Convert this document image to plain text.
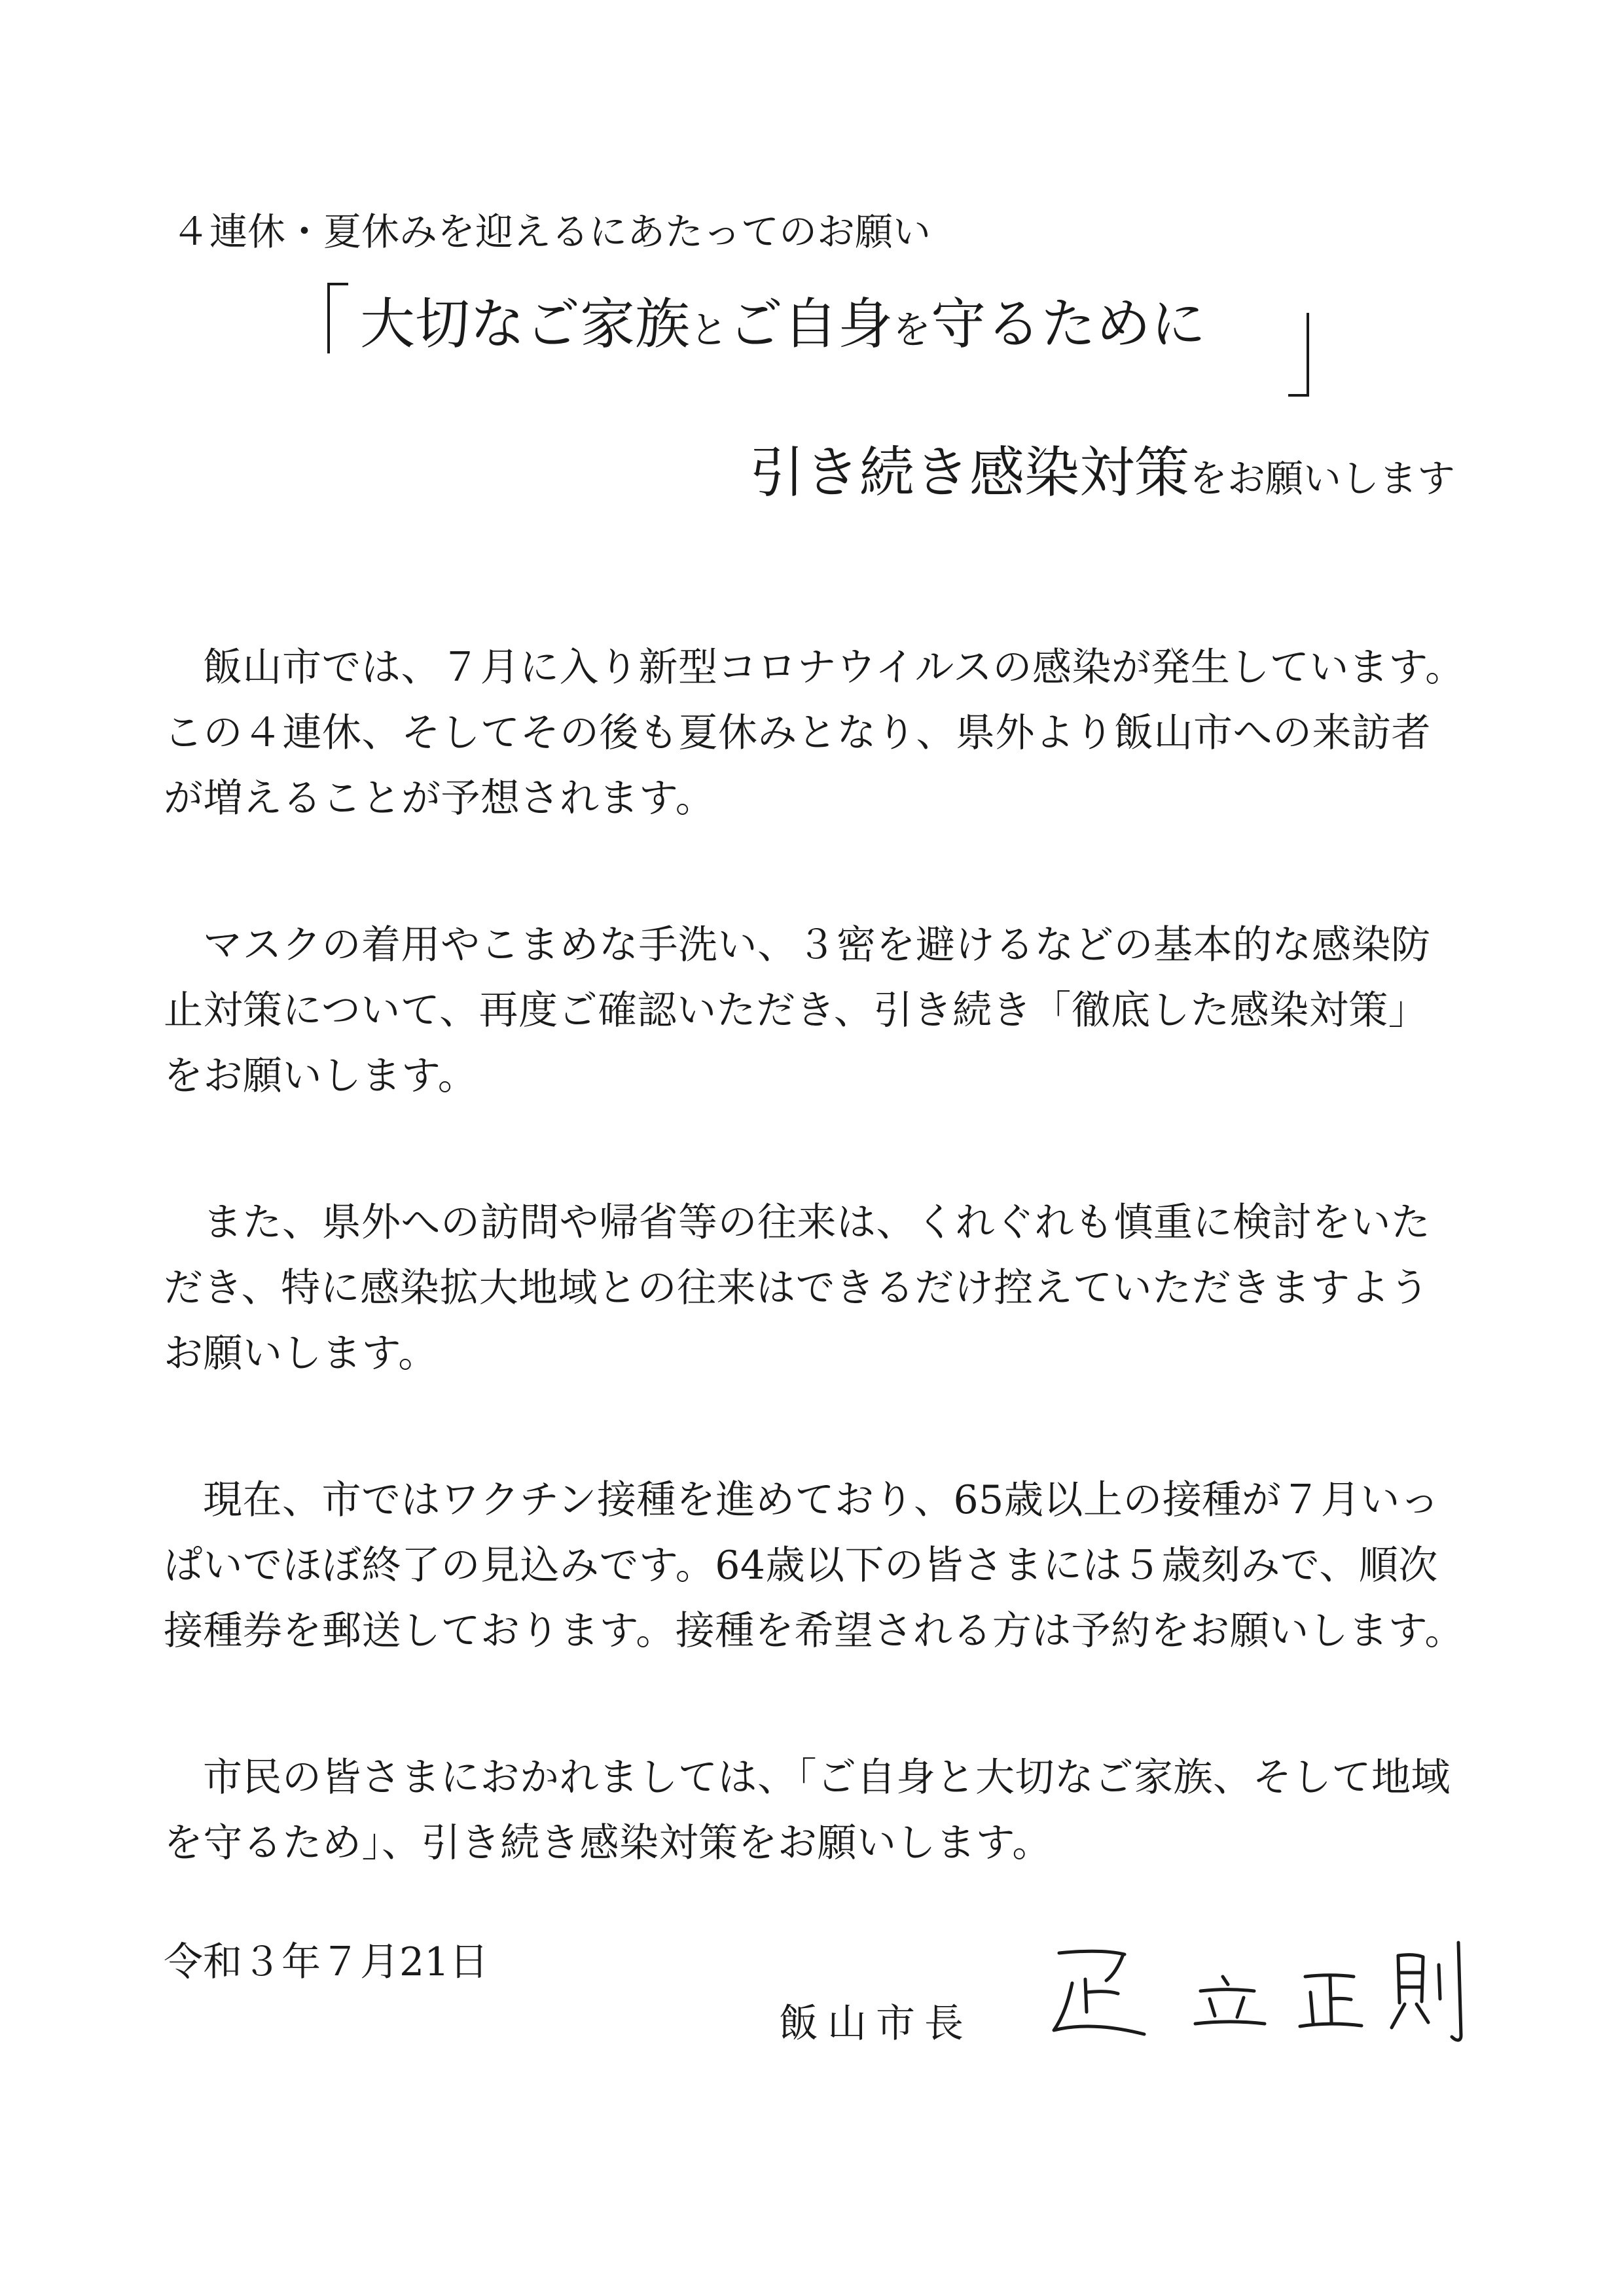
４連休・夏休みを迎えるにあたってのお願い
大切なご家族とご自身を守るために
引き続き感染対策をお願いします

飯山市では、７月に入り新型コロナウイルスの感染が発生しています。この４連休、そしてその後も夏休みとなり、県外より飯山市への来訪者が増えることが予想されます。

マスクの着用やこまめな手洗い、３密を避けるなどの基本的な感染防止対策について、再度ご確認いただき、引き続き「徹底した感染対策」をお願いします。

また、県外への訪問や帰省等の往来は、くれぐれも慎重に検討をいただき、特に感染拡大地域との往来はできるだけ控えていただきますようお願いします。

現在、市ではワクチン接種を進めており、65歳以上の接種が７月いっぱいでほぼ終了の見込みです。64歳以下の皆さまには５歳刻みで、順次接種券を郵送しております。接種を希望される方は予約をお願いします。

市民の皆さまにおかれましては、「ご自身と大切なご家族、そして地域を守るため」、引き続き感染対策をお願いします。

令和３年７月21日
飯山市長
